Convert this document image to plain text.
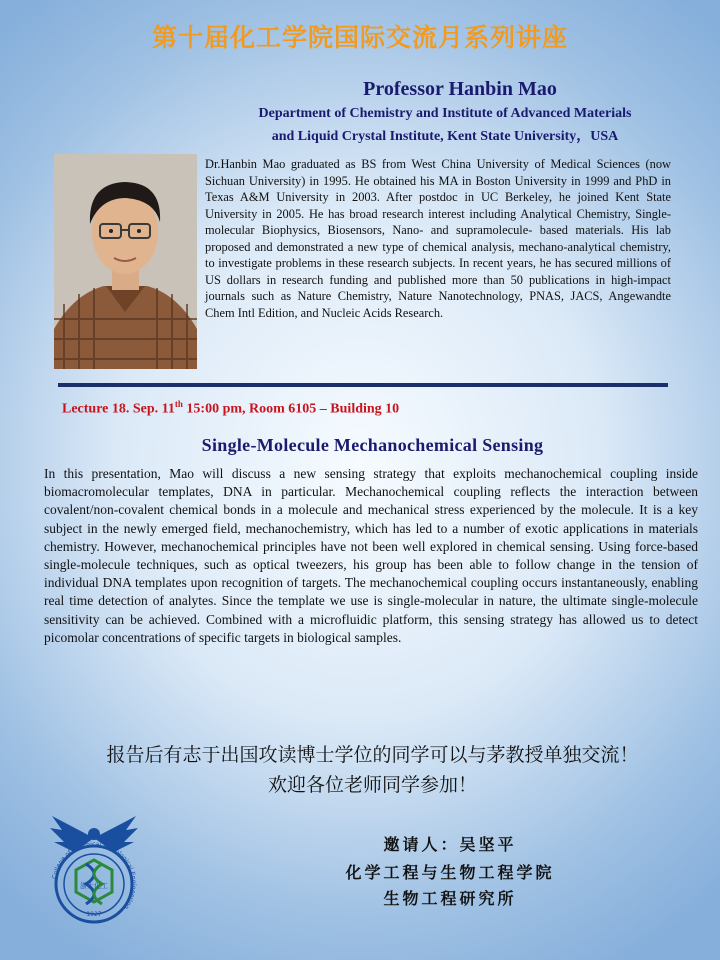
第十届化工学院国际交流月系列讲座
Professor Hanbin Mao
Department of Chemistry and Institute of Advanced Materials
and Liquid Crystal Institute, Kent State University，USA
Dr.Hanbin Mao graduated as BS from West China University of Medical Sciences (now Sichuan University) in 1995. He obtained his MA in Boston University in 1999 and PhD in Texas A&M University in 2003. After postdoc in UC Berkeley, he joined Kent State University in 2005. He has broad research interest including Analytical Chemistry, Single-molecular Biophysics, Biosensors, Nano- and supramolecule- based materials. His lab proposed and demonstrated a new type of chemical analysis, mechano-analytical chemistry, to investigate problems in these research subjects. In recent years, he has secured millions of US dollars in research funding and published more than 50 publications in high-impact journals such as Nature Chemistry, Nature Nanotechnology, PNAS, JACS, Angewandte Chem Intl Edition, and Nucleic Acids Research.
Lecture 18. Sep. 11th 15:00 pm, Room 6105 – Building 10
Single-Molecule Mechanochemical Sensing
In this presentation, Mao will discuss a new sensing strategy that exploits mechanochemical coupling inside biomacromolecular templates, DNA in particular. Mechanochemical coupling reflects the interaction between covalent/non-covalent chemical bonds in a molecule and mechanical stress experienced by the molecule. It is a key subject in the newly emerged field, mechanochemistry, which has led to a number of exotic applications in materials chemistry. However, mechanochemical principles have not been well explored in chemical sensing. Using force-based single-molecule techniques, such as optical tweezers, his group has been able to follow change in the tension of individual DNA templates upon recognition of targets. The mechanochemical coupling occurs instantaneously, enabling real time detection of analytes. Since the template we use is single-molecular in nature, the ultimate single-molecule sensitivity can be achieved. Combined with a microfluidic platform, this sensing strategy has allowed us to detect picomolar concentrations of specific targets in biological samples.
报告后有志于出国攻读博士学位的同学可以与茅教授单独交流！
欢迎各位老师同学参加！
College of Chemical & Biological Engineering
浙大化工
1927
邀请人：吴坚平
化学工程与生物工程学院
生物工程研究所
